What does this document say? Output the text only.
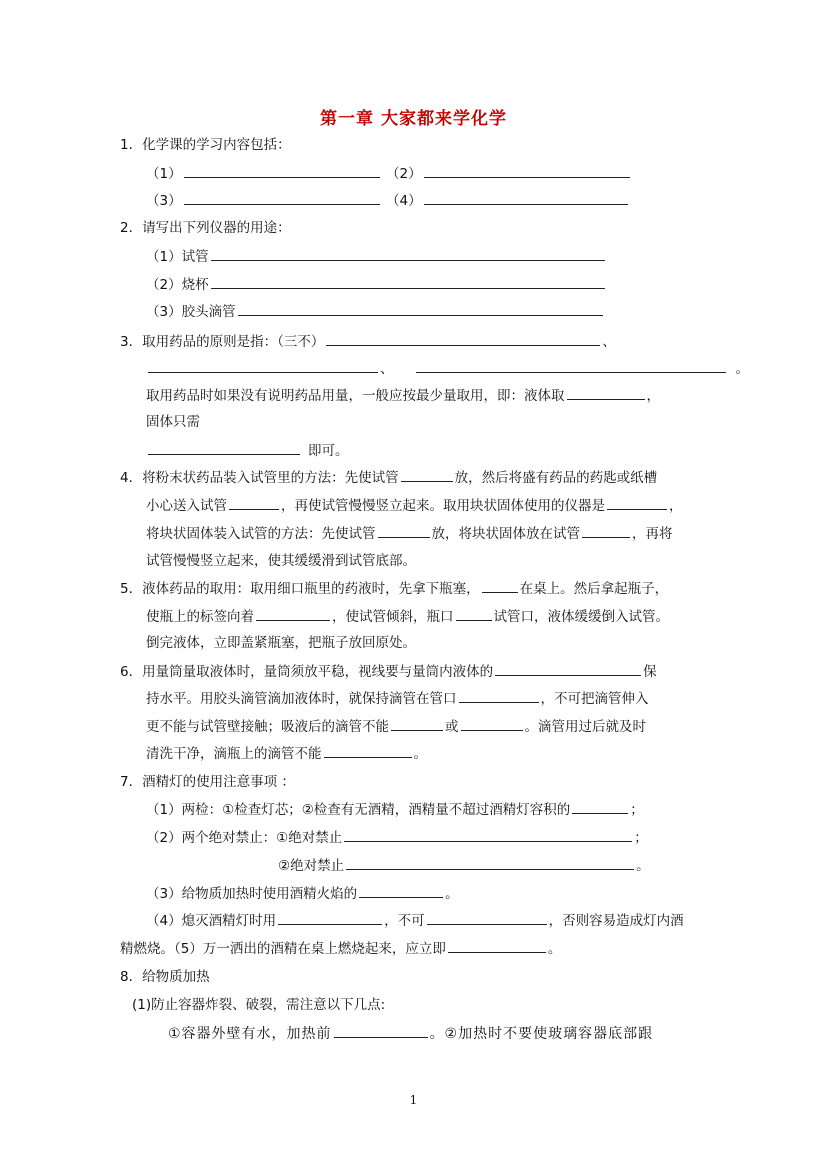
第一章 大家都来学化学
1．化学课的学习内容包括：
（1）	（2）
（3）	（4）
2．请写出下列仪器的用途：
（1）试管
（2）烧杯
（3）胶头滴管
3．取用药品的原则是指：（三不）	、
、	。
取用药品时如果没有说明药品用量，一般应按最少量取用，即：液体取	，
固体只需
即可。
4．将粉末状药品装入试管里的方法：先使试管	放，然后将盛有药品的药匙或纸槽
小心送入试管	，再使试管慢慢竖立起来。取用块状固体使用的仪器是	，
将块状固体装入试管的方法：先使试管	放，将块状固体放在试管	，再将
试管慢慢竖立起来，使其缓缓滑到试管底部。
5．液体药品的取用：取用细口瓶里的药液时，先拿下瓶塞，	在桌上。然后拿起瓶子，
使瓶上的标签向着	，使试管倾斜，瓶口	试管口，液体缓缓倒入试管。
倒完液体，立即盖紧瓶塞，把瓶子放回原处。
6．用量筒量取液体时，量筒须放平稳，视线要与量筒内液体的	保
持水平。用胶头滴管滴加液体时，就保持滴管在管口	，不可把滴管伸入
更不能与试管壁接触；吸液后的滴管不能	或	。滴管用过后就及时
清洗干净，滴瓶上的滴管不能	。
7．酒精灯的使用注意事项 ：
（1）两检：①检查灯芯；②检查有无酒精，酒精量不超过酒精灯容积的	；
（2）两个绝对禁止：①绝对禁止	；
②绝对禁止	。
（3）给物质加热时使用酒精火焰的	。
（4）熄灭酒精灯时用	，不可	，否则容易造成灯内酒
精燃烧。（5）万一洒出的酒精在桌上燃烧起来，应立即	。
8．给物质加热
(1)防止容器炸裂、破裂，需注意以下几点:
①容器外壁有水，加热前	。②加热时不要使玻璃容器底部跟
1
